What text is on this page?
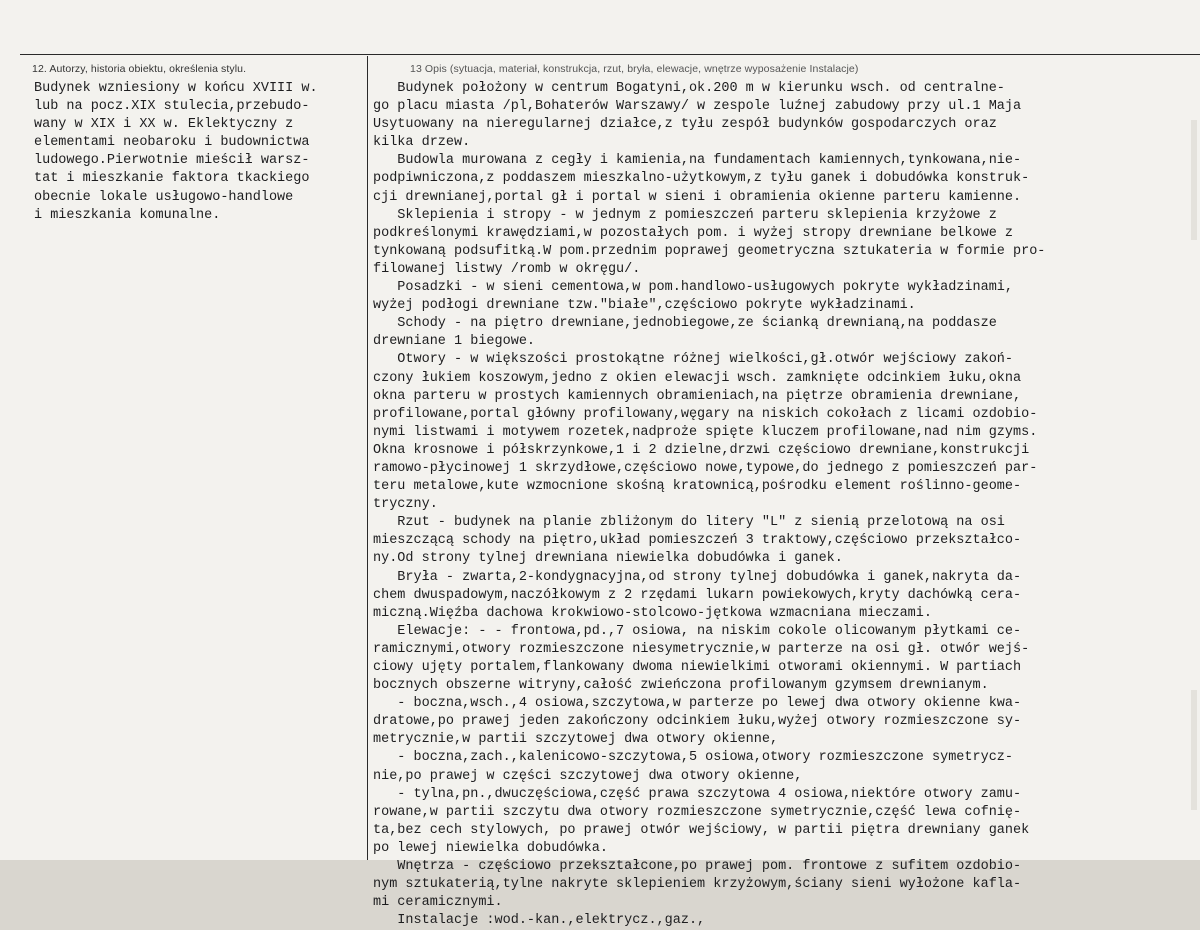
12. Autorzy, historia obiektu, określenia stylu.	13 Opis (sytuacja, materiał, konstrukcja, rzut, bryła, elewacje, wnętrze wyposażenie Instalacje)
Budynek wzniesiony w końcu XVIII w.
lub na pocz.XIX stulecia,przebudo-
wany w XIX i XX w. Eklektyczny z
elementami neobaroku i budownictwa
ludowego.Pierwotnie mieścił warsz-
tat i mieszkanie faktora tkackiego
obecnie lokale usługowo-handlowe
i mieszkania komunalne.
Budynek położony w centrum Bogatyni,ok.200 m w kierunku wsch. od centralne-
go placu miasta /pl,Bohaterów Warszawy/ w zespole luźnej zabudowy przy ul.1 Maja
Usytuowany na nieregularnej działce,z tyłu zespół budynków gospodarczych oraz
kilka drzew.
Budowla murowana z cegły i kamienia,na fundamentach kamiennych,tynkowana,nie-
podpiwniczona,z poddaszem mieszkalno-użytkowym,z tyłu ganek i dobudówka konstruk-
cji drewnianej,portal gł i portal w sieni i obramienia okienne parteru kamienne.
Sklepienia i stropy - w jednym z pomieszczeń parteru sklepienia krzyżowe z
podkreślonymi krawędziami,w pozostałych pom. i wyżej stropy drewniane belkowe z
tynkowaną podsufitką.W pom.przednim poprawej geometryczna sztukateria w formie pro-
filowanej listwy /romb w okręgu/.
Posadzki - w sieni cementowa,w pom.handlowo-usługowych pokryte wykładzinami,
wyżej podłogi drewniane tzw."białe",częściowo pokryte wykładzinami.
Schody - na piętro drewniane,jednobiegowe,ze ścianką drewnianą,na poddasze
drewniane 1 biegowe.
Otwory - w większości prostokątne różnej wielkości,gł.otwór wejściowy zakoń-
czony łukiem koszowym,jedno z okien elewacji wsch. zamknięte odcinkiem łuku,okna
okna parteru w prostych kamiennych obramieniach,na piętrze obramienia drewniane,
profilowane,portal główny profilowany,węgary na niskich cokołach z licami ozdobio-
nymi listwami i motywem rozetek,nadproże spięte kluczem profilowane,nad nim gzyms.
Okna krosnowe i półskrzynkowe,1 i 2 dzielne,drzwi częściowo drewniane,konstrukcji
ramowo-płycinowej 1 skrzydłowe,częściowo nowe,typowe,do jednego z pomieszczeń par-
teru metalowe,kute wzmocnione skośną kratownicą,pośrodku element roślinno-geome-
tryczny.
Rzut - budynek na planie zbliżonym do litery "L" z sienią przelotową na osi
mieszczącą schody na piętro,układ pomieszczeń 3 traktowy,częściowo przekształco-
ny.Od strony tylnej drewniana niewielka dobudówka i ganek.
Bryła - zwarta,2-kondygnacyjna,od strony tylnej dobudówka i ganek,nakryta da-
chem dwuspadowym,naczółkowym z 2 rzędami lukarn powiekowych,kryty dachówką cera-
miczną.Więźba dachowa krokwiowo-stolcowo-jętkowa wzmacniana mieczami.
Elewacje: - - frontowa,pd.,7 osiowa, na niskim cokole olicowanym płytkami ce-
ramicznymi,otwory rozmieszczone niesymetrycznie,w parterze na osi gł. otwór wejś-
ciowy ujęty portalem,flankowany dwoma niewielkimi otworami okiennymi. W partiach
bocznych obszerne witryny,całość zwieńczona profilowanym gzymsem drewnianym.
- boczna,wsch.,4 osiowa,szczytowa,w parterze po lewej dwa otwory okienne kwa-
dratowe,po prawej jeden zakończony odcinkiem łuku,wyżej otwory rozmieszczone sy-
metrycznie,w partii szczytowej dwa otwory okienne,
- boczna,zach.,kalenicowo-szczytowa,5 osiowa,otwory rozmieszczone symetrycz-
nie,po prawej w części szczytowej dwa otwory okienne,
- tylna,pn.,dwuczęściowa,część prawa szczytowa 4 osiowa,niektóre otwory zamu-
rowane,w partii szczytu dwa otwory rozmieszczone symetrycznie,część lewa cofnię-
ta,bez cech stylowych, po prawej otwór wejściowy, w partii piętra drewniany ganek
po lewej niewielka dobudówka.
Wnętrza - częściowo przekształcone,po prawej pom. frontowe z sufitem ozdobio-
nym sztukaterią,tylne nakryte sklepieniem krzyżowym,ściany sieni wyłożone kafla-
mi ceramicznymi.
Instalacje :wod.-kan.,elektrycz.,gaz.,
